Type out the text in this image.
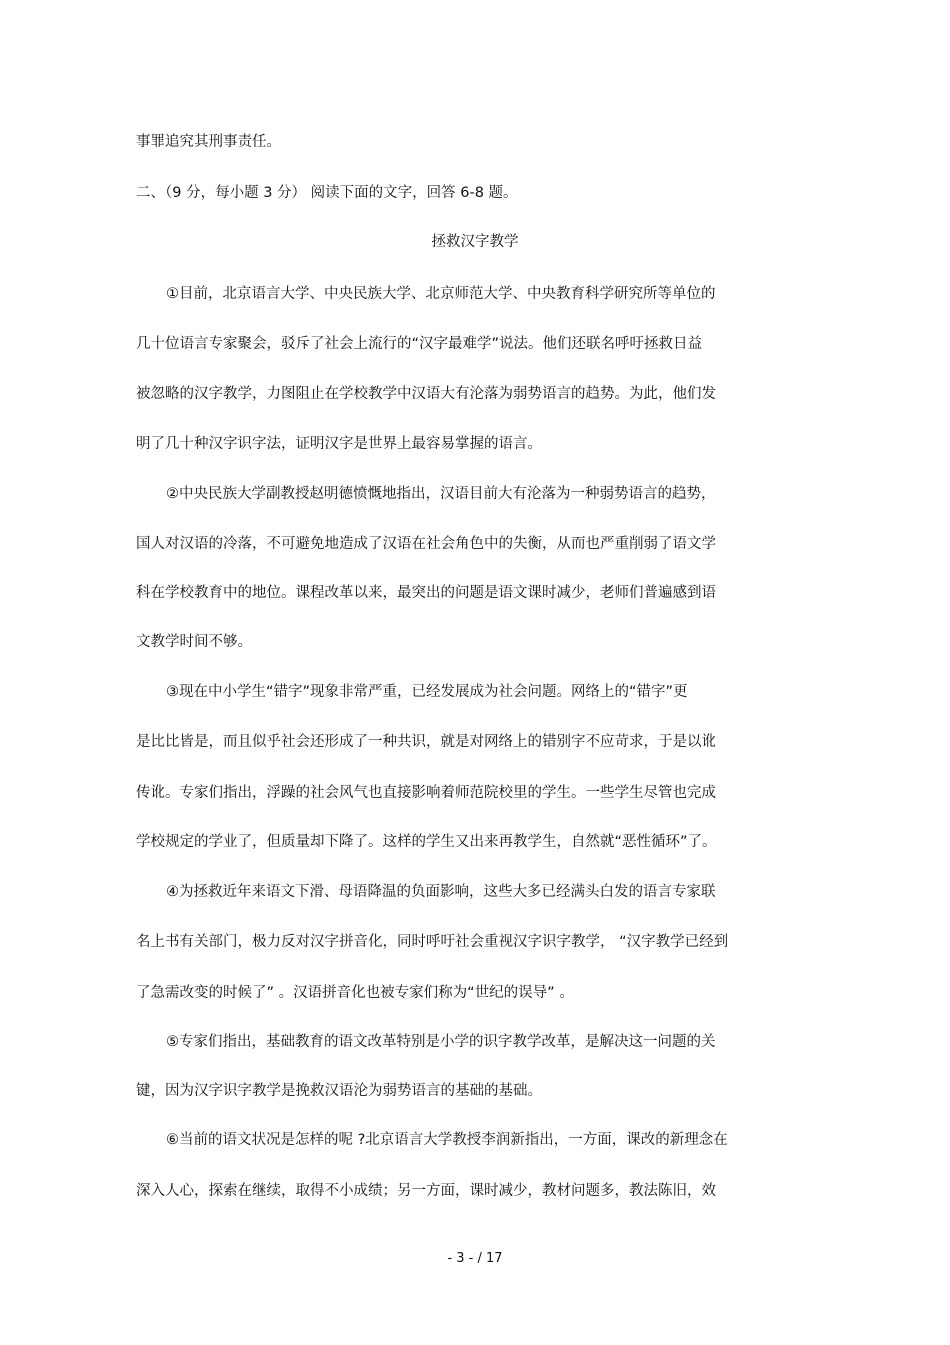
事罪追究其刑事责任。
二、（9 分，每小题 3 分） 阅读下面的文字，回答 6-8 题。
拯救汉字教学
①目前，北京语言大学、中央民族大学、北京师范大学、中央教育科学研究所等单位的
几十位语言专家聚会，驳斥了社会上流行的“汉字最难学”说法。他们还联名呼吁拯救日益
被忽略的汉字教学，力图阻止在学校教学中汉语大有沦落为弱势语言的趋势。为此，他们发
明了几十种汉字识字法，证明汉字是世界上最容易掌握的语言。
②中央民族大学副教授赵明德愤慨地指出，汉语目前大有沦落为一种弱势语言的趋势，
国人对汉语的冷落，不可避免地造成了汉语在社会角色中的失衡，从而也严重削弱了语文学
科在学校教育中的地位。课程改革以来，最突出的问题是语文课时减少，老师们普遍感到语
文教学时间不够。
③现在中小学生“错字”现象非常严重，已经发展成为社会问题。网络上的“错字”更
是比比皆是，而且似乎社会还形成了一种共识，就是对网络上的错别字不应苛求，于是以讹
传讹。专家们指出，浮躁的社会风气也直接影响着师范院校里的学生。一些学生尽管也完成
学校规定的学业了，但质量却下降了。这样的学生又出来再教学生，自然就“恶性循环”了。
④为拯救近年来语文下滑、母语降温的负面影响，这些大多已经满头白发的语言专家联
名上书有关部门，极力反对汉字拼音化，同时呼吁社会重视汉字识字教学， “汉字教学已经到
了急需改变的时候了” 。汉语拼音化也被专家们称为“世纪的误导” 。
⑤专家们指出，基础教育的语文改革特别是小学的识字教学改革，是解决这一问题的关
键，因为汉字识字教学是挽救汉语沦为弱势语言的基础的基础。
⑥当前的语文状况是怎样的呢 ?北京语言大学教授李润新指出，一方面，课改的新理念在
深入人心，探索在继续，取得不小成绩；另一方面，课时减少，教材问题多，教法陈旧，效
- 3 - / 17
